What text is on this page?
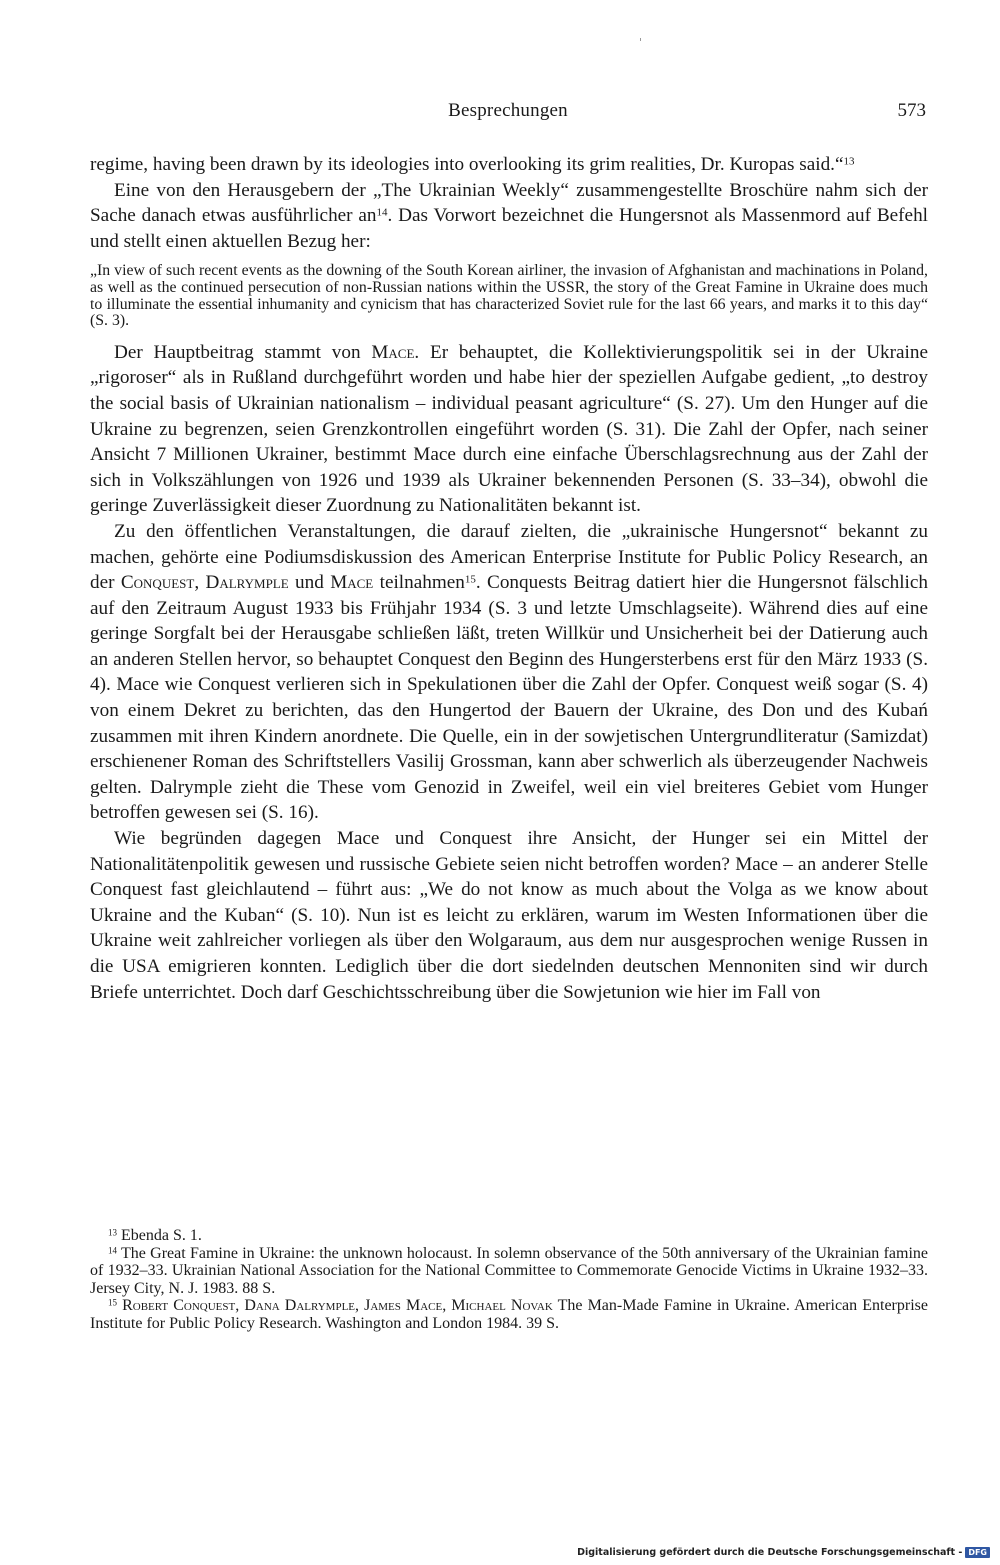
Besprechungen	573

regime, having been drawn by its ideologies into overlooking its grim realities, Dr. Kuropas said.“$^{13}$

Eine von den Herausgebern der „The Ukrainian Weekly“ zusammengestellte Broschüre nahm sich der Sache danach etwas ausführlicher $an^{14}$. Das Vorwort bezeichnet die Hungersnot als Massenmord auf Befehl und stellt einen aktuellen Bezug her:

„In view of such recent events as the downing of the South Korean airliner, the invasion of Afghanistan and machinations in Poland, as well as the continued persecution of non-Russian nations within the USSR, the story of the Great Famine in Ukraine does much to illuminate the essential inhumanity and cynicism that has characterized Soviet rule for the last 66 years, and marks it to this day“ (S. 3).

Der Hauptbeitrag stammt von Mace. Er behauptet, die Kollektivierungspolitik sei in der Ukraine „rigoroser“ als in Rußland durchgeführt worden und habe hier der speziellen Aufgabe gedient, „to destroy the social basis of Ukrainian nationalism – individual peasant agriculture“ (S. 27). Um den Hunger auf die Ukraine zu begrenzen, seien Grenzkontrollen eingeführt worden (S. 31). Die Zahl der Opfer, nach seiner Ansicht 7 Millionen Ukrainer, bestimmt Mace durch eine einfache Überschlagsrechnung aus der Zahl der sich in Volkszählungen von 1926 und 1939 als Ukrainer bekennenden Personen (S. 33–34), obwohl die geringe Zuverlässigkeit dieser Zuordnung zu Nationalitäten bekannt ist.

Zu den öffentlichen Veranstaltungen, die darauf zielten, die „ukrainische Hungersnot“ bekannt zu machen, gehörte eine Podiumsdiskussion des American Enterprise Institute for Public Policy Research, an der Conquest, Dalrymple und Mace teilnahmen$^{15}$. Conquests Beitrag datiert hier die Hungersnot fälschlich auf den Zeitraum August 1933 bis Frühjahr 1934 (S. 3 und letzte Umschlagseite). Während dies auf eine geringe Sorgfalt bei der Herausgabe schließen läßt, treten Willkür und Unsicherheit bei der Datierung auch an anderen Stellen hervor, so behauptet Conquest den Beginn des Hungersterbens erst für den März 1933 (S. 4). Mace wie Conquest verlieren sich in Spekulationen über die Zahl der Opfer. Conquest weiß sogar (S. 4) von einem Dekret zu berichten, das den Hungertod der Bauern der Ukraine, des Don und des Kubań zusammen mit ihren Kindern anordnete. Die Quelle, ein in der sowjetischen Untergrundliteratur (Samizdat) erschienener Roman des Schriftstellers Vasilij Grossman, kann aber schwerlich als überzeugender Nachweis gelten. Dalrymple zieht die These vom Genozid in Zweifel, weil ein viel breiteres Gebiet vom Hunger betroffen gewesen sei (S. 16).

Wie begründen dagegen Mace und Conquest ihre Ansicht, der Hunger sei ein Mittel der Nationalitätenpolitik gewesen und russische Gebiete seien nicht betroffen worden? Mace – an anderer Stelle Conquest fast gleichlautend – führt aus: „We do not know as much about the Volga as we know about Ukraine and the Kuban“ (S. 10). Nun ist es leicht zu erklären, warum im Westen Informationen über die Ukraine weit zahlreicher vorliegen als über den Wolgaraum, aus dem nur ausgesprochen wenige Russen in die USA emigrieren konnten. Lediglich über die dort siedelnden deutschen Mennoniten sind wir durch Briefe unterrichtet. Doch darf Geschichtsschreibung über die Sowjetunion wie hier im Fall von

$^{13}$ Ebenda S. 1.

$^{14}$ The Great Famine in Ukraine: the unknown holocaust. In solemn observance of the 50th anniversary of the Ukrainian famine of 1932–33. Ukrainian National Association for the National Committee to Commemorate Genocide Victims in Ukraine 1932–33. Jersey City, N. J. 1983. 88 S.

$^{15}$ Robert Conquest, Dana Dalrymple, James Mace, Michael Novak The Man-Made Famine in Ukraine. American Enterprise Institute for Public Policy Research. Washington and London 1984. 39 S.

Digitalisierung gefördert durch die Deutsche Forschungsgemeinschaft - DFG
